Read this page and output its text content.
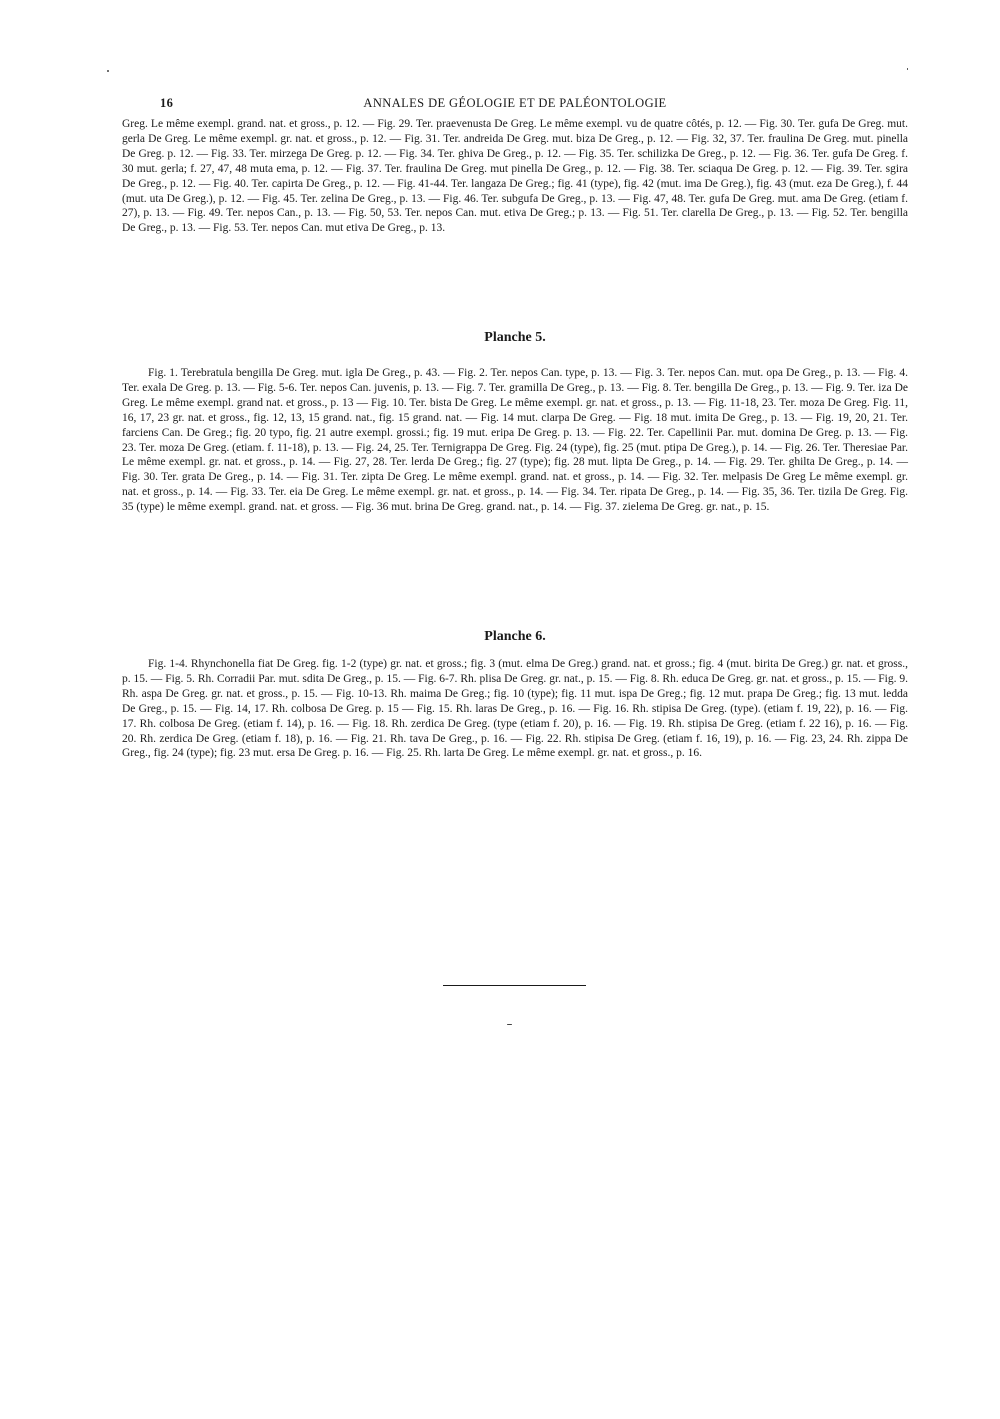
16	ANNALES DE GÉOLOGIE ET DE PALÉONTOLOGIE

Greg. Le même exempl. grand. nat. et gross., p. 12. — Fig. 29. Ter. praevenusta De Greg. Le même exempl. vu de quatre côtés, p. 12. — Fig. 30. Ter. gufa De Greg. mut. gerla De Greg. Le même exempl. gr. nat. et gross., p. 12. — Fig. 31. Ter. andreida De Greg. mut. biza De Greg., p. 12. — Fig. 32, 37. Ter. fraulina De Greg. mut. pinella De Greg. p. 12. — Fig. 33. Ter. mirzega De Greg. p. 12. — Fig. 34. Ter. ghiva De Greg., p. 12. — Fig. 35. Ter. schilizka De Greg., p. 12. — Fig. 36. Ter. gufa De Greg. f. 30 mut. gerla; f. 27, 47, 48 muta ema, p. 12. — Fig. 37. Ter. fraulina De Greg. mut pinella De Greg., p. 12. — Fig. 38. Ter. sciaqua De Greg. p. 12. — Fig. 39. Ter. sgira De Greg., p. 12. — Fig. 40. Ter. capirta De Greg., p. 12. — Fig. 41-44. Ter. langaza De Greg.; fig. 41 (type), fig. 42 (mut. ima De Greg.), fig. 43 (mut. eza De Greg.), f. 44 (mut. uta De Greg.), p. 12. — Fig. 45. Ter. zelina De Greg., p. 13. — Fig. 46. Ter. subgufa De Greg., p. 13. — Fig. 47, 48. Ter. gufa De Greg. mut. ama De Greg. (etiam f. 27), p. 13. — Fig. 49. Ter. nepos Can., p. 13. — Fig. 50, 53. Ter. nepos Can. mut. etiva De Greg.; p. 13. — Fig. 51. Ter. clarella De Greg., p. 13. — Fig. 52. Ter. bengilla De Greg., p. 13. — Fig. 53. Ter. nepos Can. mut etiva De Greg., p. 13.

Planche 5.

Fig. 1. Terebratula bengilla De Greg. mut. igla De Greg., p. 43. — Fig. 2. Ter. nepos Can. type, p. 13. — Fig. 3. Ter. nepos Can. mut. opa De Greg., p. 13. — Fig. 4. Ter. exala De Greg. p. 13. — Fig. 5-6. Ter. nepos Can. juvenis, p. 13. — Fig. 7. Ter. gramilla De Greg., p. 13. — Fig. 8. Ter. bengilla De Greg., p. 13. — Fig. 9. Ter. iza De Greg. Le même exempl. grand nat. et gross., p. 13 — Fig. 10. Ter. bista De Greg. Le même exempl. gr. nat. et gross., p. 13. — Fig. 11-18, 23. Ter. moza De Greg. Fig. 11, 16, 17, 23 gr. nat. et gross., fig. 12, 13, 15 grand. nat., fig. 15 grand. nat. — Fig. 14 mut. clarpa De Greg. — Fig. 18 mut. imita De Greg., p. 13. — Fig. 19, 20, 21. Ter. farciens Can. De Greg.; fig. 20 typo, fig. 21 autre exempl. grossi.; fig. 19 mut. eripa De Greg. p. 13. — Fig. 22. Ter. Capellinii Par. mut. domina De Greg. p. 13. — Fig. 23. Ter. moza De Greg. (etiam. f. 11-18), p. 13. — Fig. 24, 25. Ter. Ternigrappa De Greg. Fig. 24 (type), fig. 25 (mut. ptipa De Greg.), p. 14. — Fig. 26. Ter. Theresiae Par. Le même exempl. gr. nat. et gross., p. 14. — Fig. 27, 28. Ter. lerda De Greg.; fig. 27 (type); fig. 28 mut. lipta De Greg., p. 14. — Fig. 29. Ter. ghilta De Greg., p. 14. — Fig. 30. Ter. grata De Greg., p. 14. — Fig. 31. Ter. zipta De Greg. Le même exempl. grand. nat. et gross., p. 14. — Fig. 32. Ter. melpasis De Greg Le même exempl. gr. nat. et gross., p. 14. — Fig. 33. Ter. eia De Greg. Le même exempl. gr. nat. et gross., p. 14. — Fig. 34. Ter. ripata De Greg., p. 14. — Fig. 35, 36. Ter. tizila De Greg. Fig. 35 (type) le même exempl. grand. nat. et gross. — Fig. 36 mut. brina De Greg. grand. nat., p. 14. — Fig. 37. zielema De Greg. gr. nat., p. 15.

Planche 6.

Fig. 1-4. Rhynchonella fiat De Greg. fig. 1-2 (type) gr. nat. et gross.; fig. 3 (mut. elma De Greg.) grand. nat. et gross.; fig. 4 (mut. birita De Greg.) gr. nat. et gross., p. 15. — Fig. 5. Rh. Corradii Par. mut. sdita De Greg., p. 15. — Fig. 6-7. Rh. plisa De Greg. gr. nat., p. 15. — Fig. 8. Rh. educa De Greg. gr. nat. et gross., p. 15. — Fig. 9. Rh. aspa De Greg. gr. nat. et gross., p. 15. — Fig. 10-13. Rh. maima De Greg.; fig. 10 (type); fig. 11 mut. ispa De Greg.; fig. 12 mut. prapa De Greg.; fig. 13 mut. ledda De Greg., p. 15. — Fig. 14, 17. Rh. colbosa De Greg. p. 15 — Fig. 15. Rh. laras De Greg., p. 16. — Fig. 16. Rh. stipisa De Greg. (type). (etiam f. 19, 22), p. 16. — Fig. 17. Rh. colbosa De Greg. (etiam f. 14), p. 16. — Fig. 18. Rh. zerdica De Greg. (type (etiam f. 20), p. 16. — Fig. 19. Rh. stipisa De Greg. (etiam f. 22 16), p. 16. — Fig. 20. Rh. zerdica De Greg. (etiam f. 18), p. 16. — Fig. 21. Rh. tava De Greg., p. 16. — Fig. 22. Rh. stipisa De Greg. (etiam f. 16, 19), p. 16. — Fig. 23, 24. Rh. zippa De Greg., fig. 24 (type); fig. 23 mut. ersa De Greg. p. 16. — Fig. 25. Rh. larta De Greg. Le même exempl. gr. nat. et gross., p. 16.
